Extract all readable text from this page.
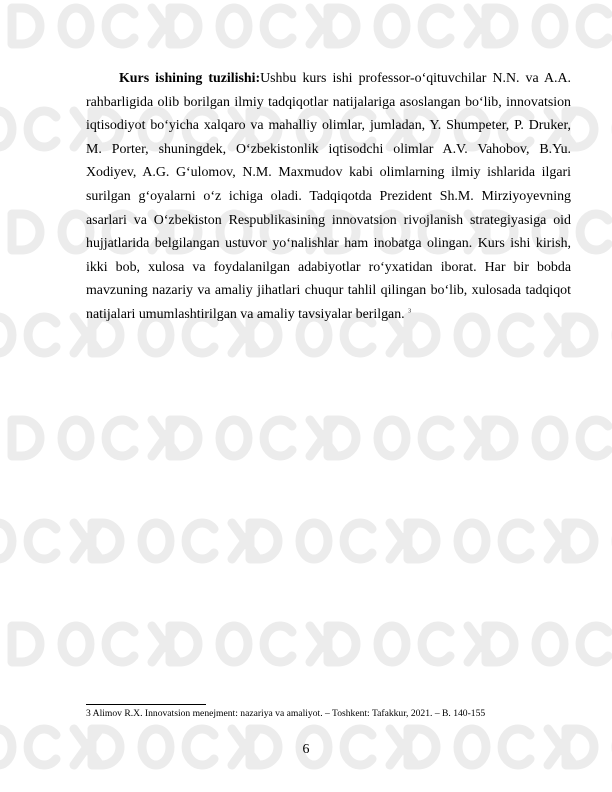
Kurs ishining tuzilishi:Ushbu kurs ishi professor-o‘qituvchilar N.N. va A.A. rahbarligida olib borilgan ilmiy tadqiqotlar natijalariga asoslangan bo‘lib, innovatsion iqtisodiyot bo‘yicha xalqaro va mahalliy olimlar, jumladan, Y. Shumpeter, P. Druker, M. Porter, shuningdek, O‘zbekistonlik iqtisodchi olimlar A.V. Vahobov, B.Yu. Xodiyev, A.G. G‘ulomov, N.M. Maxmudov kabi olimlarning ilmiy ishlarida ilgari surilgan g‘oyalarni o‘z ichiga oladi. Tadqiqotda Prezident Sh.M. Mirziyoyevning asarlari va O‘zbekiston Respublikasining innovatsion rivojlanish strategiyasiga oid hujjatlarida belgilangan ustuvor yo‘nalishlar ham inobatga olingan. Kurs ishi kirish, ikki bob, xulosa va foydalanilgan adabiyotlar ro‘yxatidan iborat. Har bir bobda mavzuning nazariy va amaliy jihatlari chuqur tahlil qilingan bo‘lib, xulosada tadqiqot natijalari umumlashtirilgan va amaliy tavsiyalar berilgan. $^3$

3 Alimov R.X. Innovatsion menejment: nazariya va amaliyot. – Toshkent: Tafakkur, 2021. – B. 140-155
6
